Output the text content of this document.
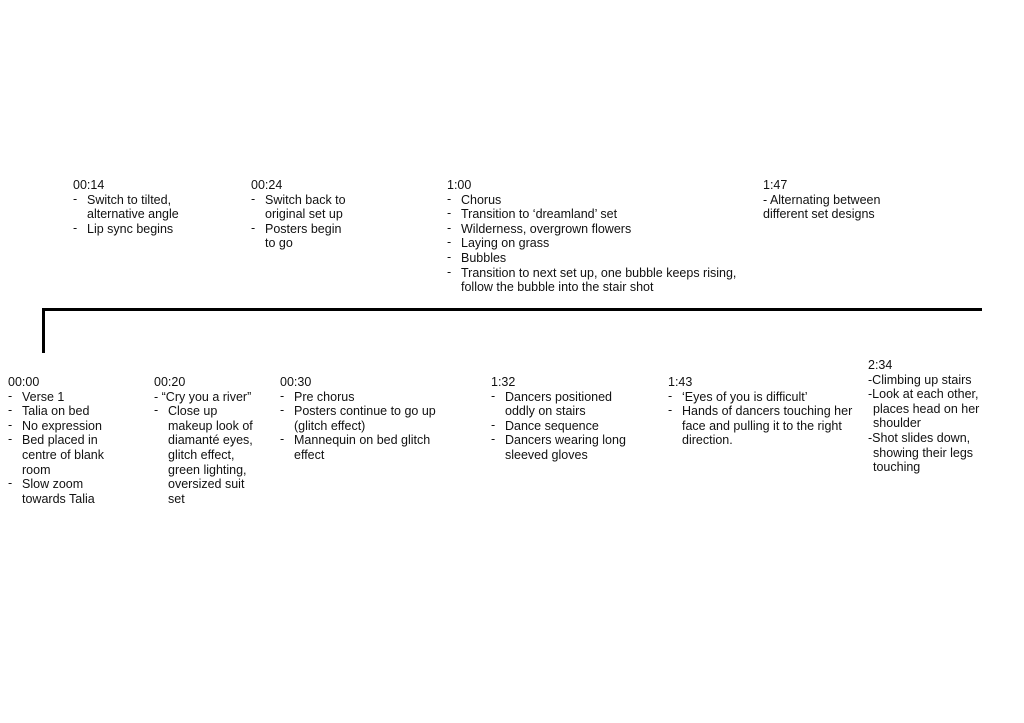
00:14
- Switch to tilted, alternative angle
- Lip sync begins
00:24
- Switch back to original set up
- Posters begin to go
1:00
- Chorus
- Transition to ‘dreamland’ set
- Wilderness, overgrown flowers
- Laying on grass
- Bubbles
- Transition to next set up, one bubble keeps rising, follow the bubble into the stair shot
1:47
- Alternating between different set designs
00:00
- Verse 1
- Talia on bed
- No expression
- Bed placed in centre of blank room
- Slow zoom towards Talia
00:20
- “Cry you a river”
- Close up makeup look of diamanté eyes, glitch effect, green lighting, oversized suit set
00:30
- Pre chorus
- Posters continue to go up (glitch effect)
- Mannequin on bed glitch effect
1:32
- Dancers positioned oddly on stairs
- Dance sequence
- Dancers wearing long sleeved gloves
1:43
- ‘Eyes of you is difficult’
- Hands of dancers touching her face and pulling it to the right direction.
2:34
-Climbing up stairs
-Look at each other, places head on her shoulder
-Shot slides down, showing their legs touching
